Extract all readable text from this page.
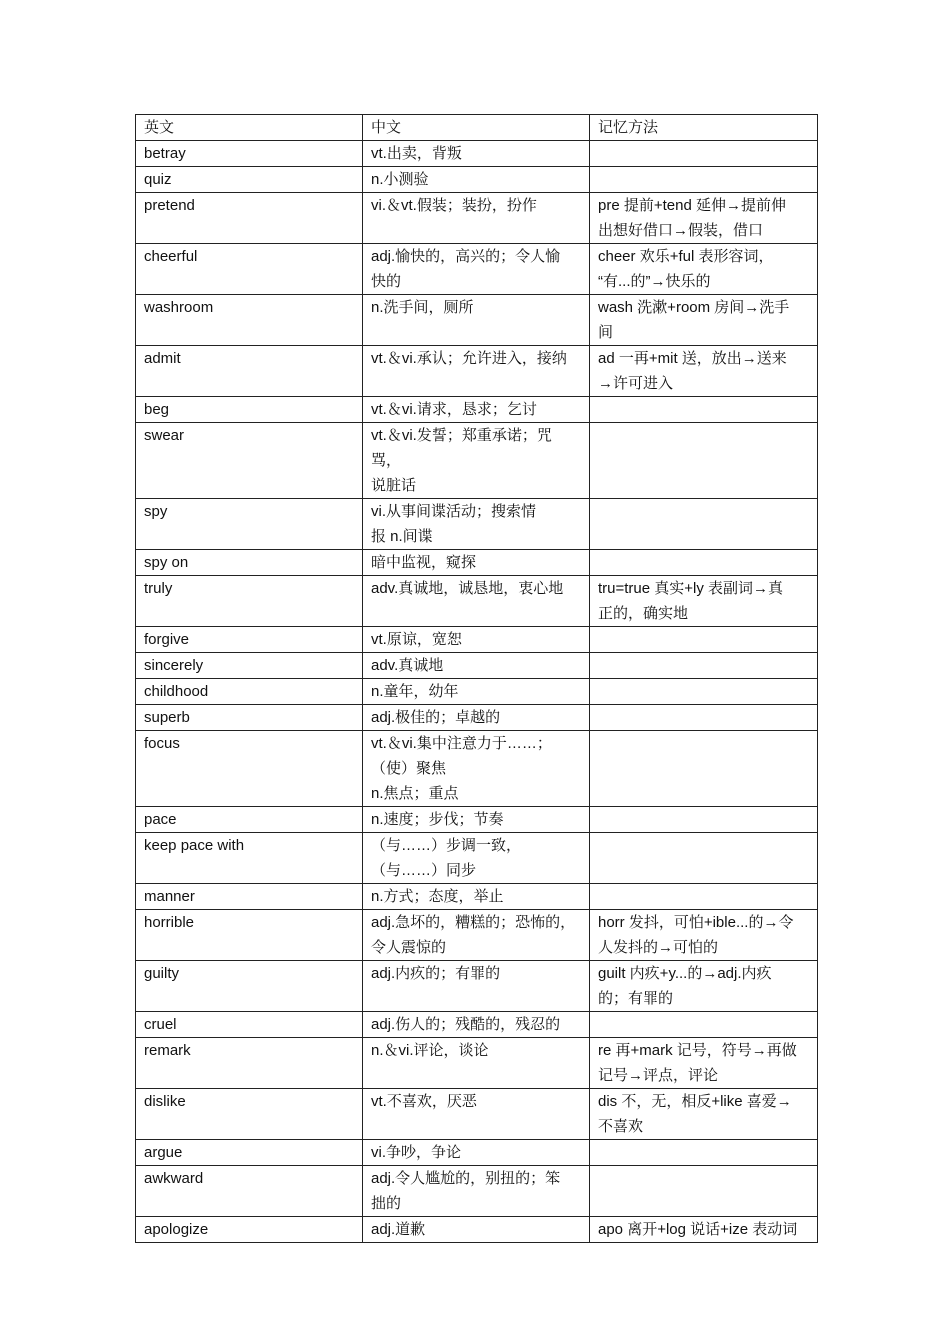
英文	中文	记忆方法
betray	vt.出卖，背叛	

quiz	n.小测验	

pretend	vi.＆vt.假装；装扮，扮作	pre 提前+tend 延伸→提前伸
出想好借口→假装，借口

cheerful	adj.愉快的，高兴的；令人愉
快的	cheer 欢乐+ful 表形容词，
“有...的”→快乐的

washroom	n.洗手间，厕所	wash 洗漱+room 房间→洗手
间

admit	vt.＆vi.承认；允许进入，接纳	ad 一再+mit 送，放出→送来
→许可进入

beg	vt.＆vi.请求，恳求；乞讨	

swear	vt.＆vi.发誓；郑重承诺；咒骂，
说脏话	

spy	vi.从事间谍活动；搜索情
报 n.间谍	

spy on	暗中监视，窥探	

truly	adv.真诚地，诚恳地，衷心地	tru=true 真实+ly 表副词→真
正的，确实地

forgive	vt.原谅，宽恕	

sincerely	adv.真诚地	

childhood	n.童年，幼年	

superb	adj.极佳的；卓越的	

focus	vt.＆vi.集中注意力于……；
（使）聚焦
n.焦点；重点	

pace	n.速度；步伐；节奏	

keep pace with	（与……）步调一致，
（与……）同步	

manner	n.方式；态度，举止	

horrible	adj.急坏的，糟糕的；恐怖的，
令人震惊的	horr 发抖，可怕+ible...的→令
人发抖的→可怕的

guilty	adj.内疚的；有罪的	guilt 内疚+y...的→adj.内疚
的；有罪的

cruel	adj.伤人的；残酷的，残忍的	

remark	n.＆vi.评论，谈论	re 再+mark 记号，符号→再做
记号→评点，评论

dislike	vt.不喜欢，厌恶	dis 不，无，相反+like 喜爱→
不喜欢

argue	vi.争吵，争论	

awkward	adj.令人尴尬的，别扭的；笨
拙的	

apologize	adj.道歉	apo 离开+log 说话+ize 表动词
